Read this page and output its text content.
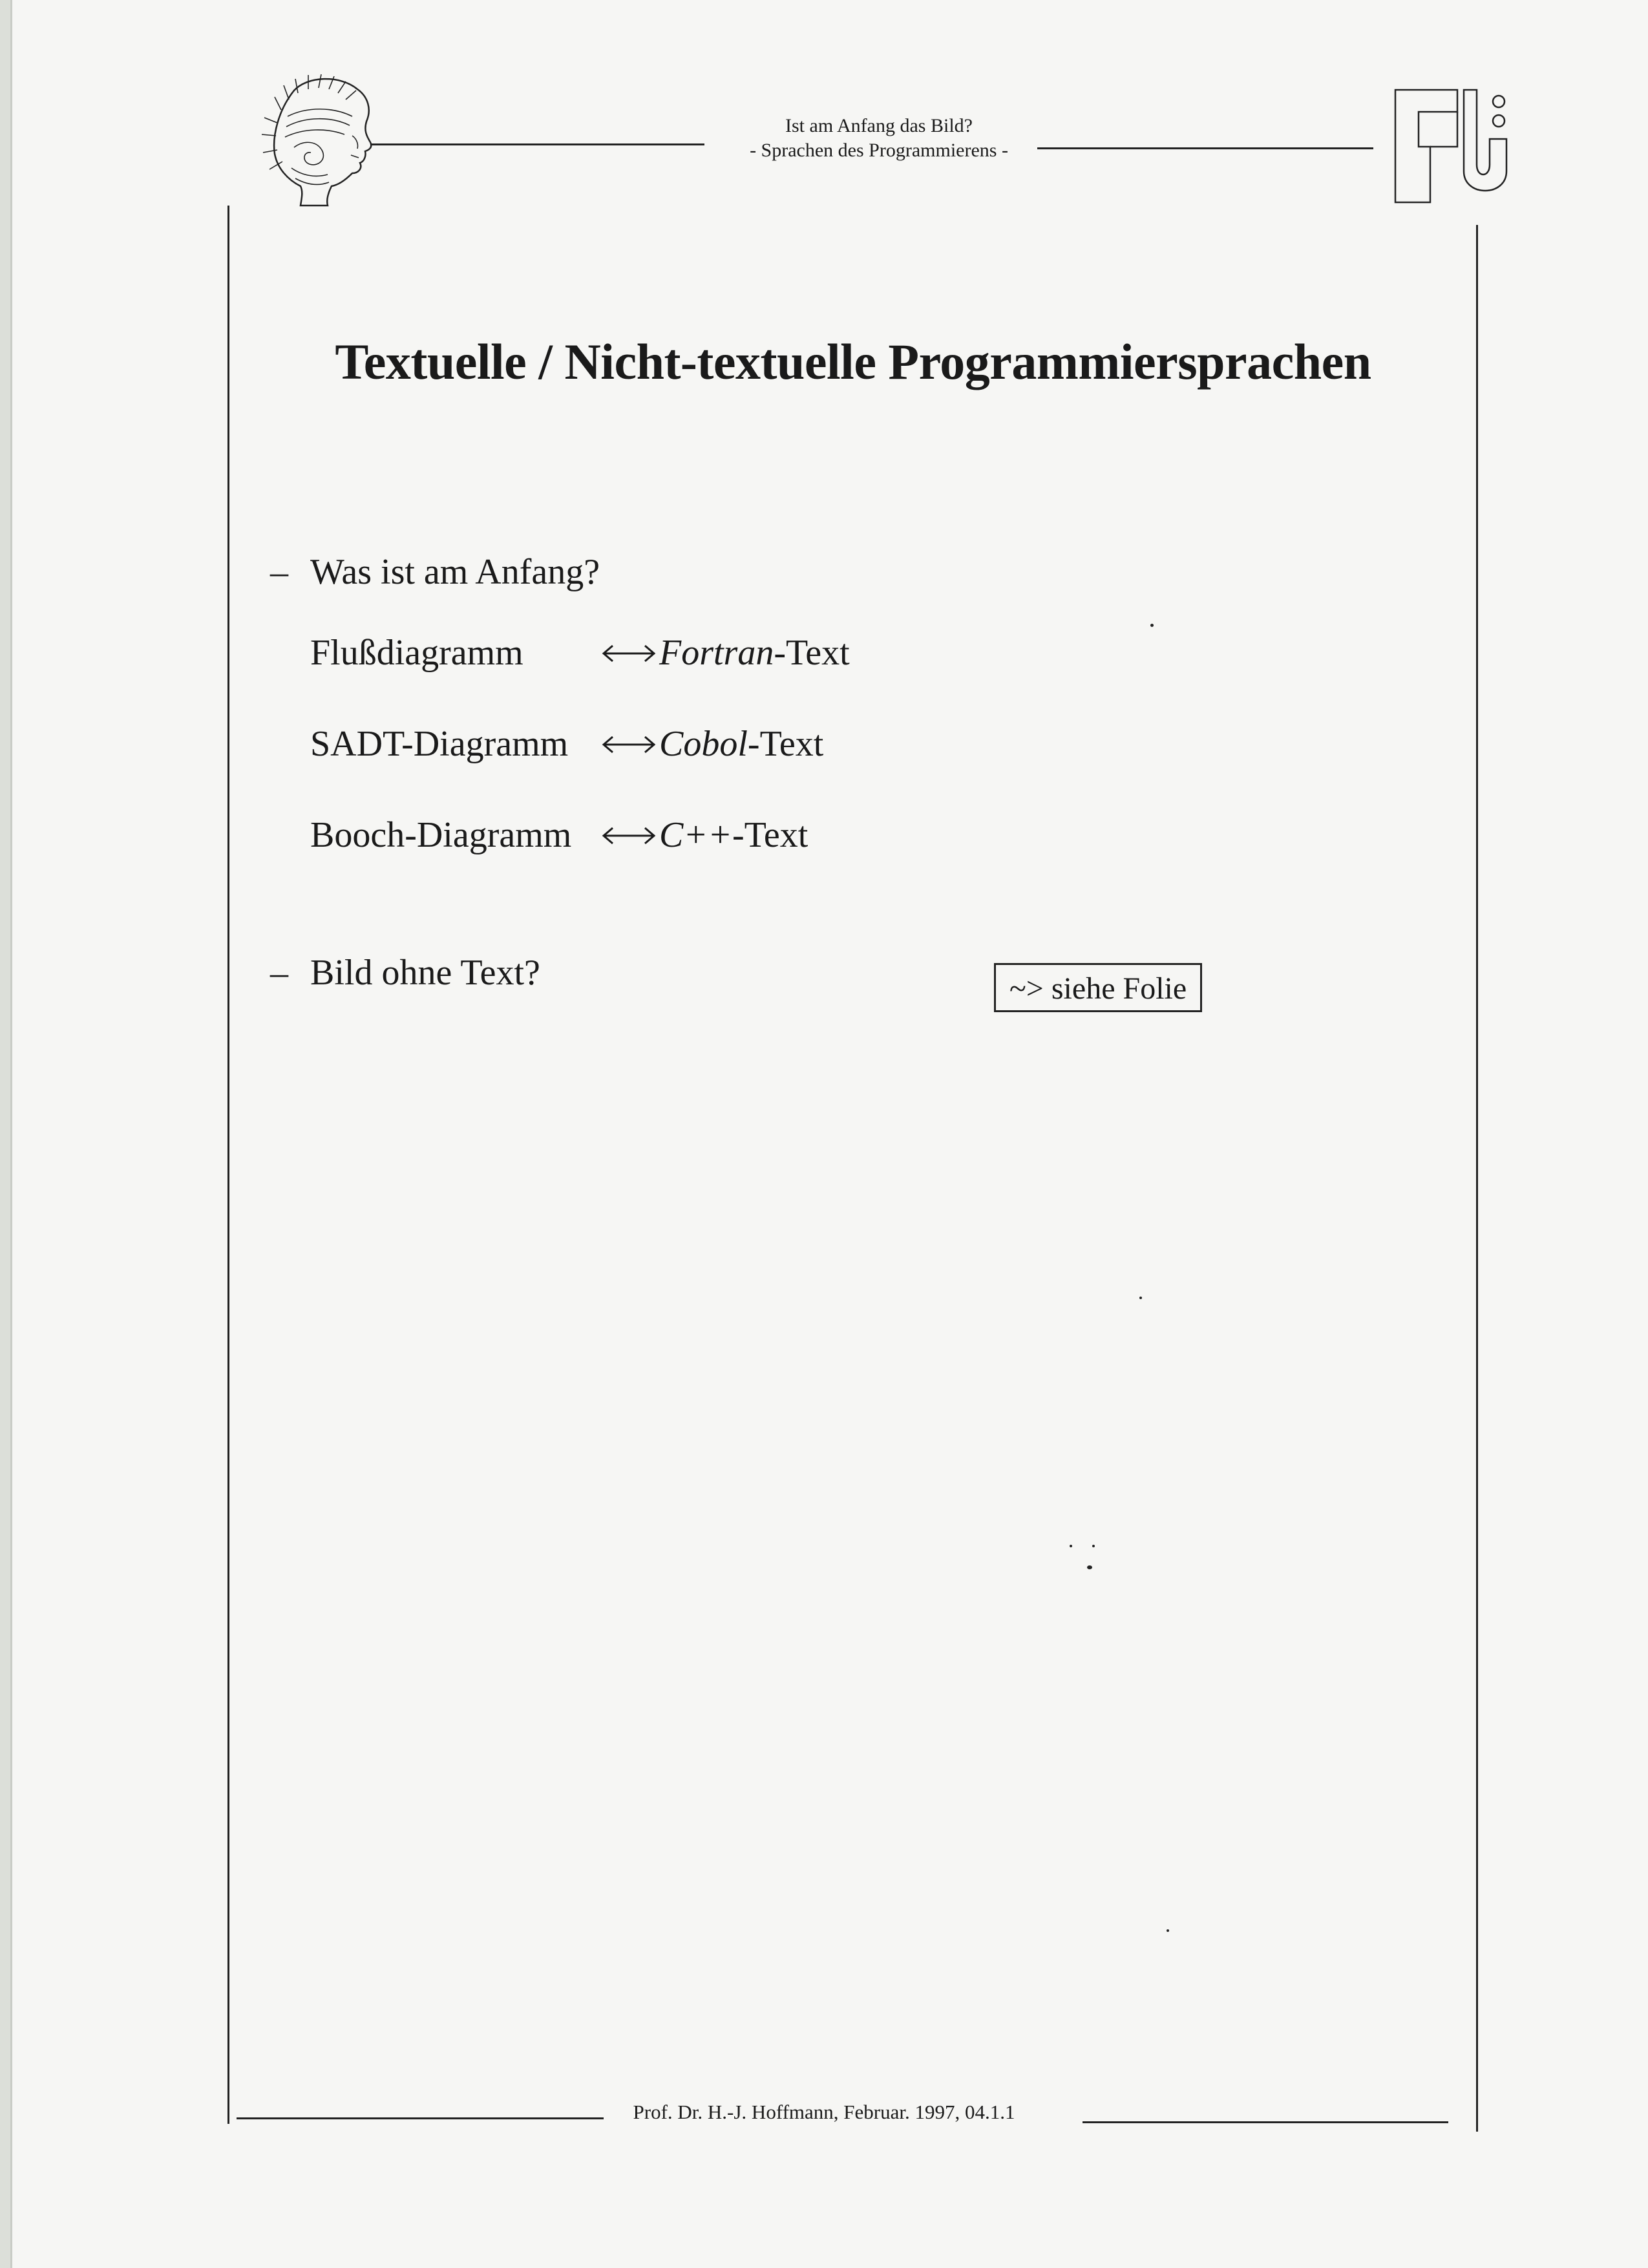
Ist am Anfang das Bild?
- Sprachen des Programmierens -
Textuelle / Nicht-textuelle Programmiersprachen
– Was ist am Anfang?
Flußdiagramm	Fortran-Text
SADT-Diagramm	Cobol-Text
Booch-Diagramm C++-Text
– Bild ohne Text?	~> siehe Folie
Prof. Dr. H.-J. Hoffmann, Februar. 1997, 04.1.1
